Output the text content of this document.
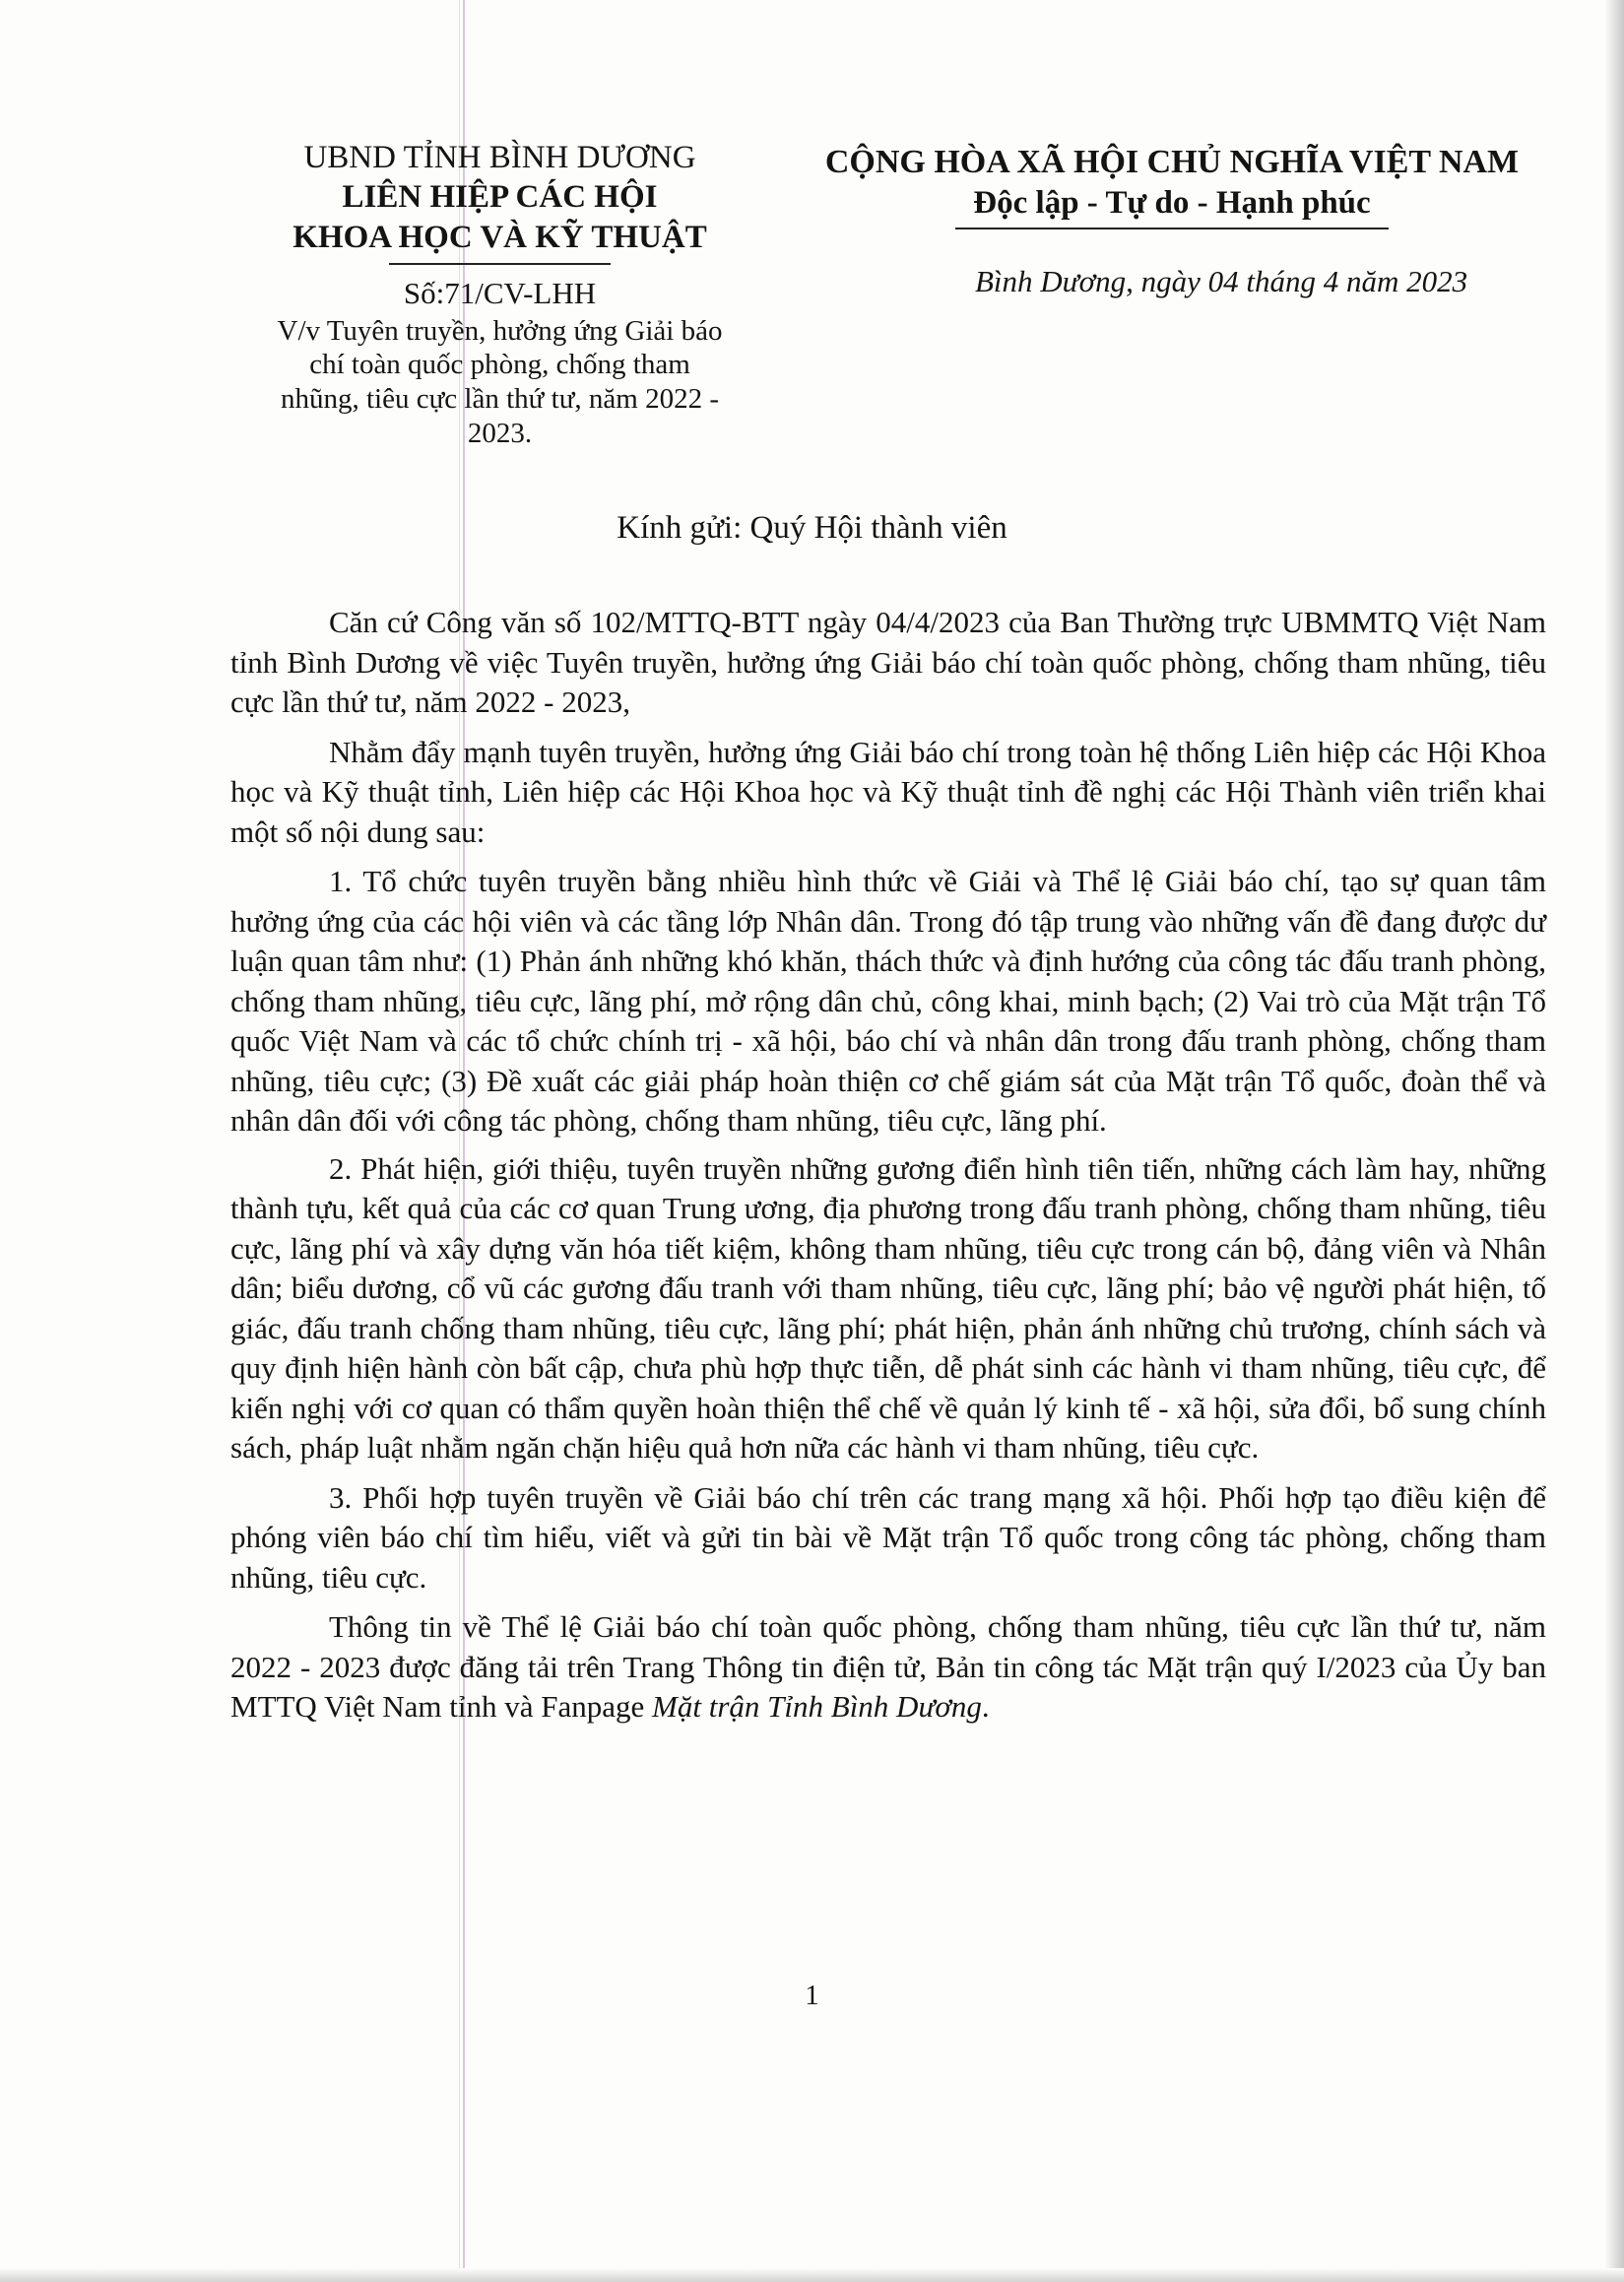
UBND TỈNH BÌNH DƯƠNG
LIÊN HIỆP CÁC HỘI
KHOA HỌC VÀ KỸ THUẬT
Số:71/CV-LHH
V/v Tuyên truyền, hưởng ứng Giải báo chí toàn quốc phòng, chống tham nhũng, tiêu cực lần thứ tư, năm 2022 - 2023.
CỘNG HÒA XÃ HỘI CHỦ NGHĨA VIỆT NAM
Độc lập - Tự do - Hạnh phúc
Bình Dương, ngày 04 tháng 4 năm 2023
Kính gửi: Quý Hội thành viên

Căn cứ Công văn số 102/MTTQ-BTT ngày 04/4/2023 của Ban Thường trực UBMMTQ Việt Nam tỉnh Bình Dương về việc Tuyên truyền, hưởng ứng Giải báo chí toàn quốc phòng, chống tham nhũng, tiêu cực lần thứ tư, năm 2022 - 2023,

Nhằm đẩy mạnh tuyên truyền, hưởng ứng Giải báo chí trong toàn hệ thống Liên hiệp các Hội Khoa học và Kỹ thuật tỉnh, Liên hiệp các Hội Khoa học và Kỹ thuật tỉnh đề nghị các Hội Thành viên triển khai một số nội dung sau:

1. Tổ chức tuyên truyền bằng nhiều hình thức về Giải và Thể lệ Giải báo chí, tạo sự quan tâm hưởng ứng của các hội viên và các tầng lớp Nhân dân. Trong đó tập trung vào những vấn đề đang được dư luận quan tâm như: (1) Phản ánh những khó khăn, thách thức và định hướng của công tác đấu tranh phòng, chống tham nhũng, tiêu cực, lãng phí, mở rộng dân chủ, công khai, minh bạch; (2) Vai trò của Mặt trận Tổ quốc Việt Nam và các tổ chức chính trị - xã hội, báo chí và nhân dân trong đấu tranh phòng, chống tham nhũng, tiêu cực; (3) Đề xuất các giải pháp hoàn thiện cơ chế giám sát của Mặt trận Tổ quốc, đoàn thể và nhân dân đối với công tác phòng, chống tham nhũng, tiêu cực, lãng phí.

2. Phát hiện, giới thiệu, tuyên truyền những gương điển hình tiên tiến, những cách làm hay, những thành tựu, kết quả của các cơ quan Trung ương, địa phương trong đấu tranh phòng, chống tham nhũng, tiêu cực, lãng phí và xây dựng văn hóa tiết kiệm, không tham nhũng, tiêu cực trong cán bộ, đảng viên và Nhân dân; biểu dương, cổ vũ các gương đấu tranh với tham nhũng, tiêu cực, lãng phí; bảo vệ người phát hiện, tố giác, đấu tranh chống tham nhũng, tiêu cực, lãng phí; phát hiện, phản ánh những chủ trương, chính sách và quy định hiện hành còn bất cập, chưa phù hợp thực tiễn, dễ phát sinh các hành vi tham nhũng, tiêu cực, để kiến nghị với cơ quan có thẩm quyền hoàn thiện thể chế về quản lý kinh tế - xã hội, sửa đổi, bổ sung chính sách, pháp luật nhằm ngăn chặn hiệu quả hơn nữa các hành vi tham nhũng, tiêu cực.

3. Phối hợp tuyên truyền về Giải báo chí trên các trang mạng xã hội. Phối hợp tạo điều kiện để phóng viên báo chí tìm hiểu, viết và gửi tin bài về Mặt trận Tổ quốc trong công tác phòng, chống tham nhũng, tiêu cực.

Thông tin về Thể lệ Giải báo chí toàn quốc phòng, chống tham nhũng, tiêu cực lần thứ tư, năm 2022 - 2023 được đăng tải trên Trang Thông tin điện tử, Bản tin công tác Mặt trận quý I/2023 của Ủy ban MTTQ Việt Nam tỉnh và Fanpage Mặt trận Tỉnh Bình Dương.

1
